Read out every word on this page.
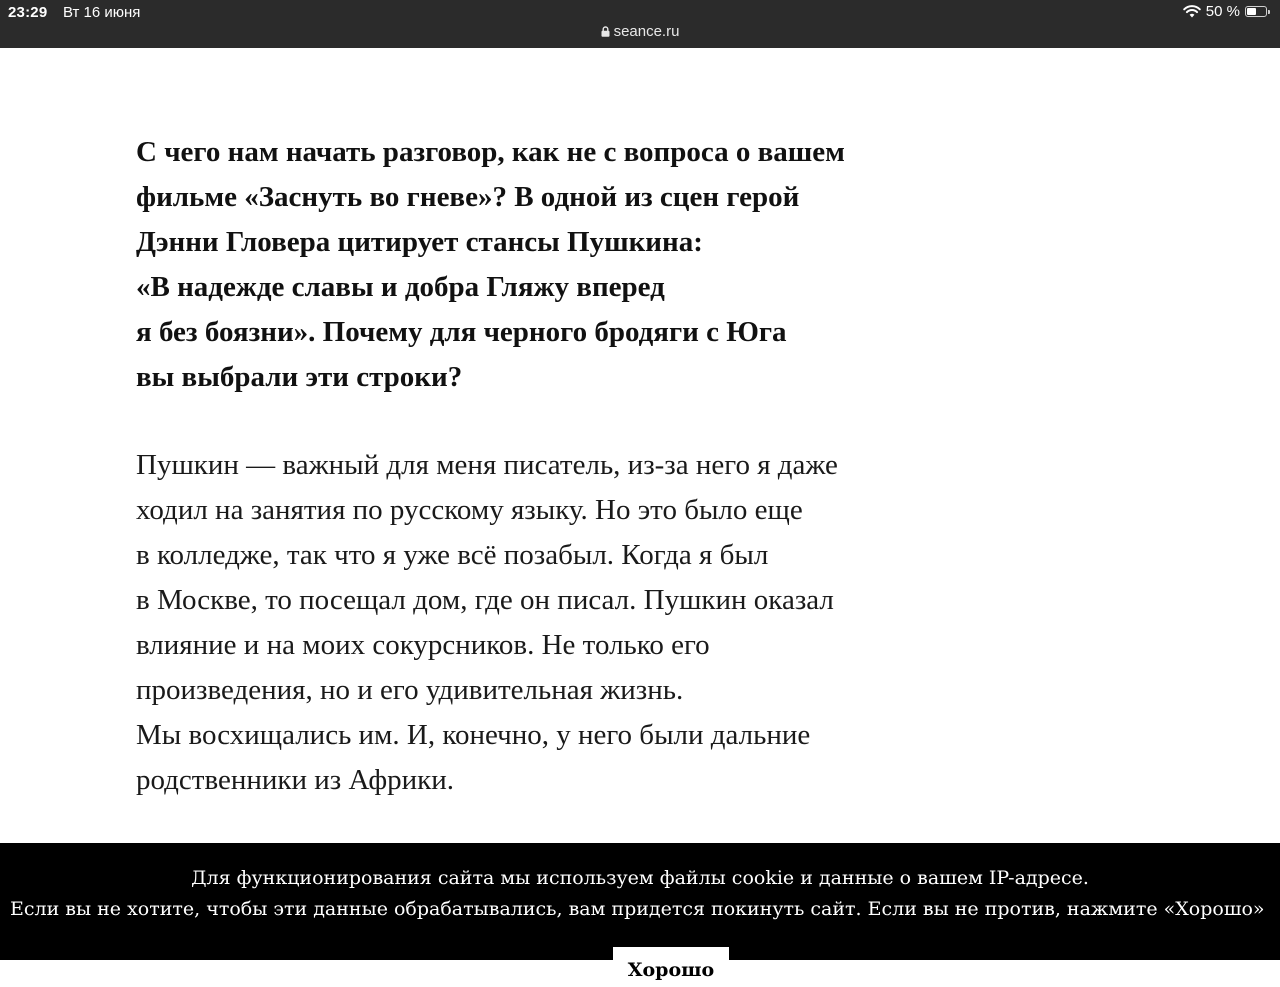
23:29 Вт 16 июня	50 %
seance.ru

С чего нам начать разговор, как не с вопроса о вашем
фильме «Заснуть во гневе»? В одной из сцен герой
Дэнни Гловера цитирует стансы Пушкина:
«В надежде славы и добра Гляжу вперед
я без боязни». Почему для черного бродяги с Юга
вы выбрали эти строки?

Пушкин — важный для меня писатель, из-за него я даже
ходил на занятия по русскому языку. Но это было еще
в колледже, так что я уже всё позабыл. Когда я был
в Москве, то посещал дом, где он писал. Пушкин оказал
влияние и на моих сокурсников. Не только его
произведения, но и его удивительная жизнь.
Мы восхищались им. И, конечно, у него были дальние
родственники из Африки.

Для функционирования сайта мы используем файлы cookie и данные о вашем IP-адресе.
Если вы не хотите, чтобы эти данные обрабатывались, вам придется покинуть сайт. Если вы не против, нажмите «Хорошо»
Хорошо
